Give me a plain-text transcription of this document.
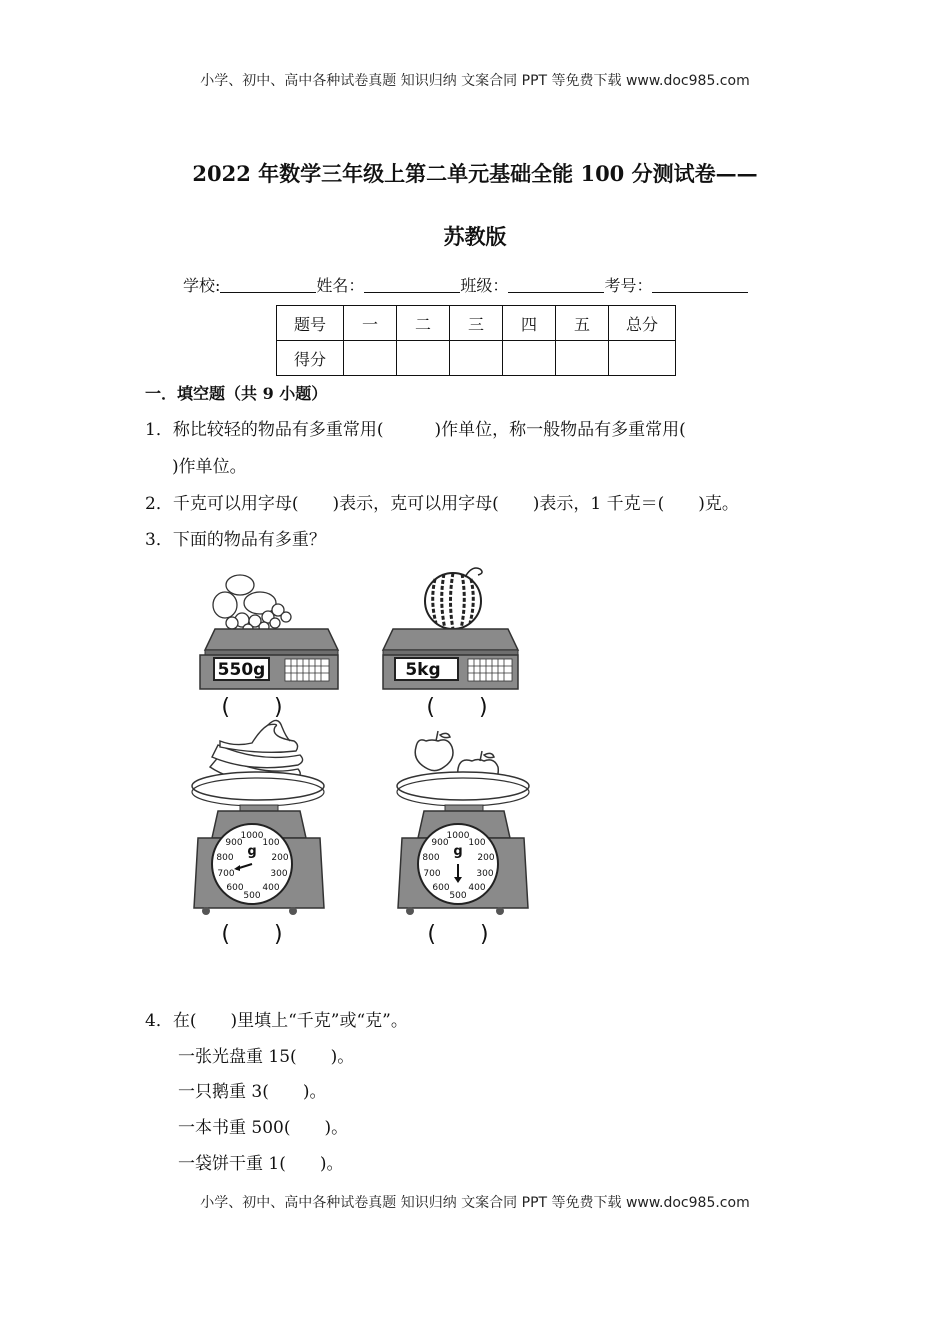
小学、初中、高中各种试卷真题 知识归纳 文案合同 PPT 等免费下载 www.doc985.com
2022 年数学三年级上第二单元基础全能 100 分测试卷——
苏教版
学校:	姓名：	班级：	考号：
题号	一	二	三	四	五	总分
得分						
一．填空题（共 9 小题）
1．称比较轻的物品有多重常用(　　　)作单位，称一般物品有多重常用(
)作单位。
2．千克可以用字母(　　)表示，克可以用字母(　　)表示，1 千克＝(　　)克。
3．下面的物品有多重？
550g
(　　)
5kg
(　　)
1000
100
200
300
400
500
600
700
800
900
g
(　　)
1000
100
200
300
400
500
600
700
800
900
g
(　　)
4．在(　　)里填上“千克”或“克”。
一张光盘重 15(　　)。
一只鹅重 3(　　)。
一本书重 500(　　)。
一袋饼干重 1(　　)。
小学、初中、高中各种试卷真题 知识归纳 文案合同 PPT 等免费下载 www.doc985.com
